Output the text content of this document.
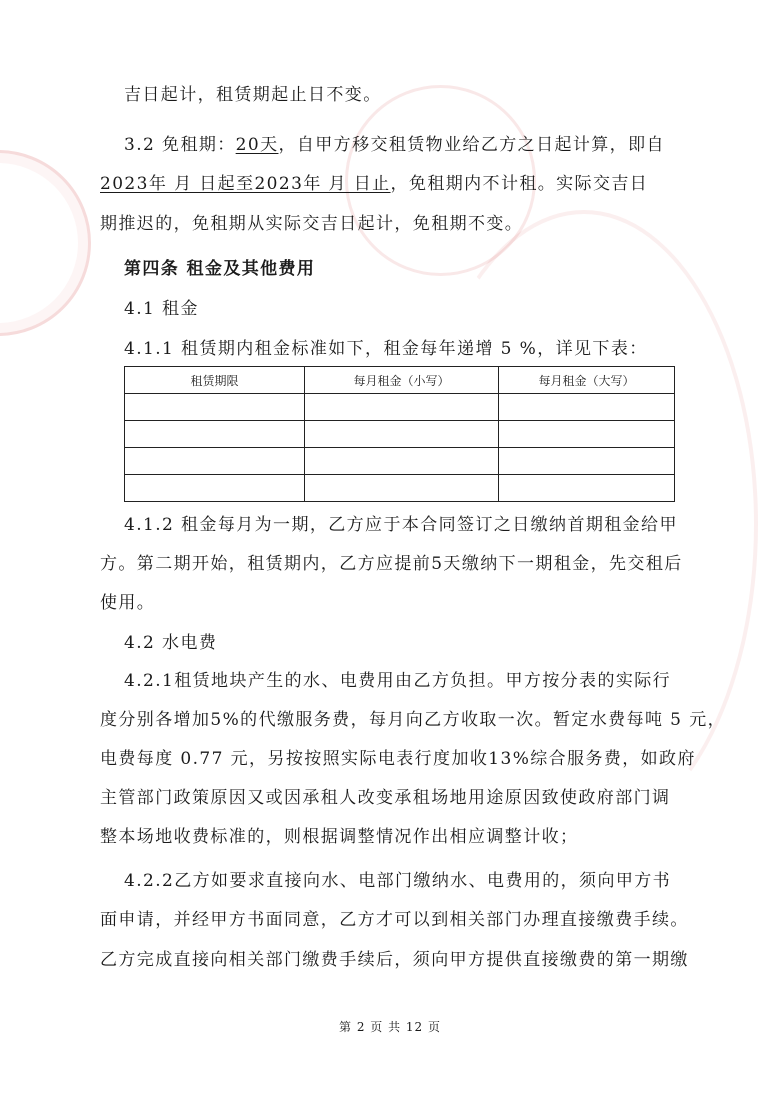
吉日起计，租赁期起止日不变。

3.2 免租期：20天，自甲方移交租赁物业给乙方之日起计算，即自

2023年 月 日起至2023年 月 日止，免租期内不计租。实际交吉日

期推迟的，免租期从实际交吉日起计，免租期不变。

第四条 租金及其他费用

4.1 租金

4.1.1 租赁期内租金标准如下，租金每年递增 5 %，详见下表：

租赁期限	每月租金（小写）	每月租金（大写）

4.1.2 租金每月为一期，乙方应于本合同签订之日缴纳首期租金给甲

方。第二期开始，租赁期内，乙方应提前5天缴纳下一期租金，先交租后

使用。

4.2 水电费

4.2.1租赁地块产生的水、电费用由乙方负担。甲方按分表的实际行

度分别各增加5%的代缴服务费，每月向乙方收取一次。暂定水费每吨 5 元，

电费每度 0.77 元，另按按照实际电表行度加收13%综合服务费，如政府

主管部门政策原因又或因承租人改变承租场地用途原因致使政府部门调

整本场地收费标准的，则根据调整情况作出相应调整计收；

4.2.2乙方如要求直接向水、电部门缴纳水、电费用的，须向甲方书

面申请，并经甲方书面同意，乙方才可以到相关部门办理直接缴费手续。

乙方完成直接向相关部门缴费手续后，须向甲方提供直接缴费的第一期缴

第 2 页 共 12 页
